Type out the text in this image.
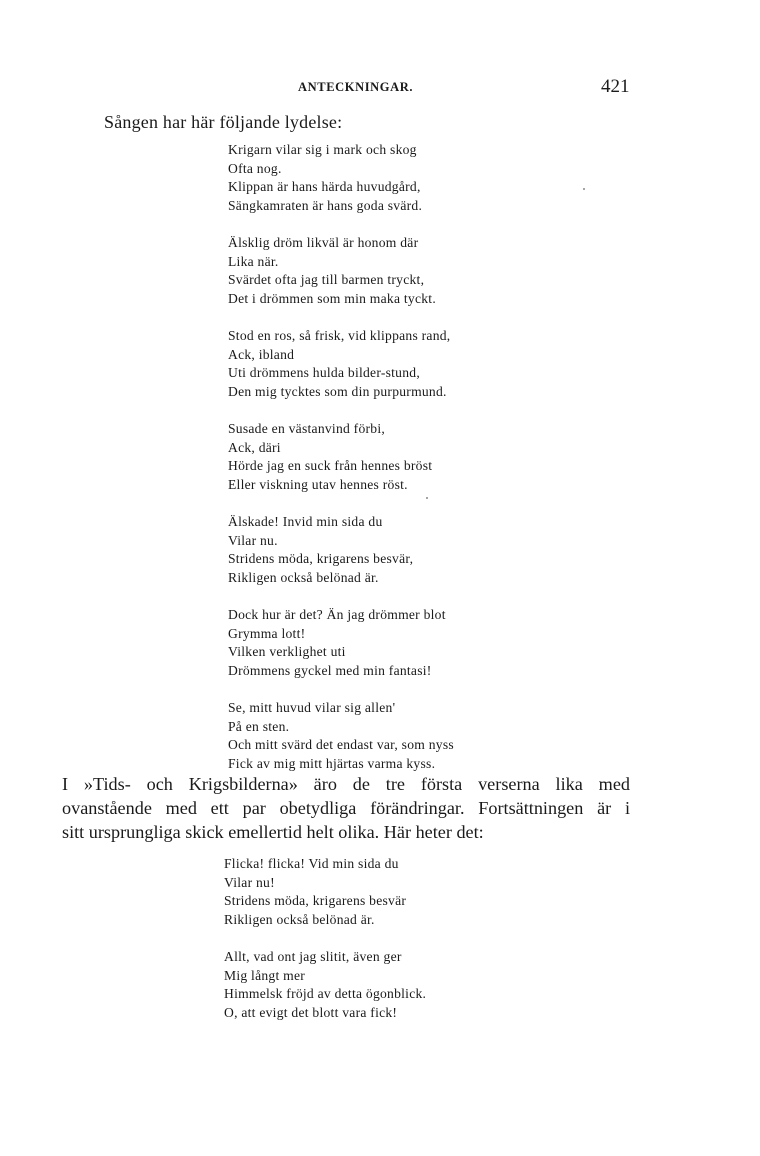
ANTECKNINGAR.	421
Sången har här följande lydelse:
Krigarn vilar sig i mark och skog
Ofta nog.
Klippan är hans härda huvudgård,
Sängkamraten är hans goda svärd.
Älsklig dröm likväl är honom där
Lika när.
Svärdet ofta jag till barmen tryckt,
Det i drömmen som min maka tyckt.
Stod en ros, så frisk, vid klippans rand,
Ack, ibland
Uti drömmens hulda bilder-stund,
Den mig tycktes som din purpurmund.
Susade en västanvind förbi,
Ack, däri
Hörde jag en suck från hennes bröst
Eller viskning utav hennes röst.
Älskade! Invid min sida du
Vilar nu.
Stridens möda, krigarens besvär,
Rikligen också belönad är.
Dock hur är det? Än jag drömmer blot
Grymma lott!
Vilken verklighet uti
Drömmens gyckel med min fantasi!
Se, mitt huvud vilar sig allen'
På en sten.
Och mitt svärd det endast var, som nyss
Fick av mig mitt hjärtas varma kyss.
I »Tids- och Krigsbilderna» äro de tre första verserna lika med
ovanstående med ett par obetydliga förändringar. Fortsättningen är i
sitt ursprungliga skick emellertid helt olika. Här heter det:
Flicka! flicka! Vid min sida du
Vilar nu!
Stridens möda, krigarens besvär
Rikligen också belönad är.
Allt, vad ont jag slitit, även ger
Mig långt mer
Himmelsk fröjd av detta ögonblick.
O, att evigt det blott vara fick!
